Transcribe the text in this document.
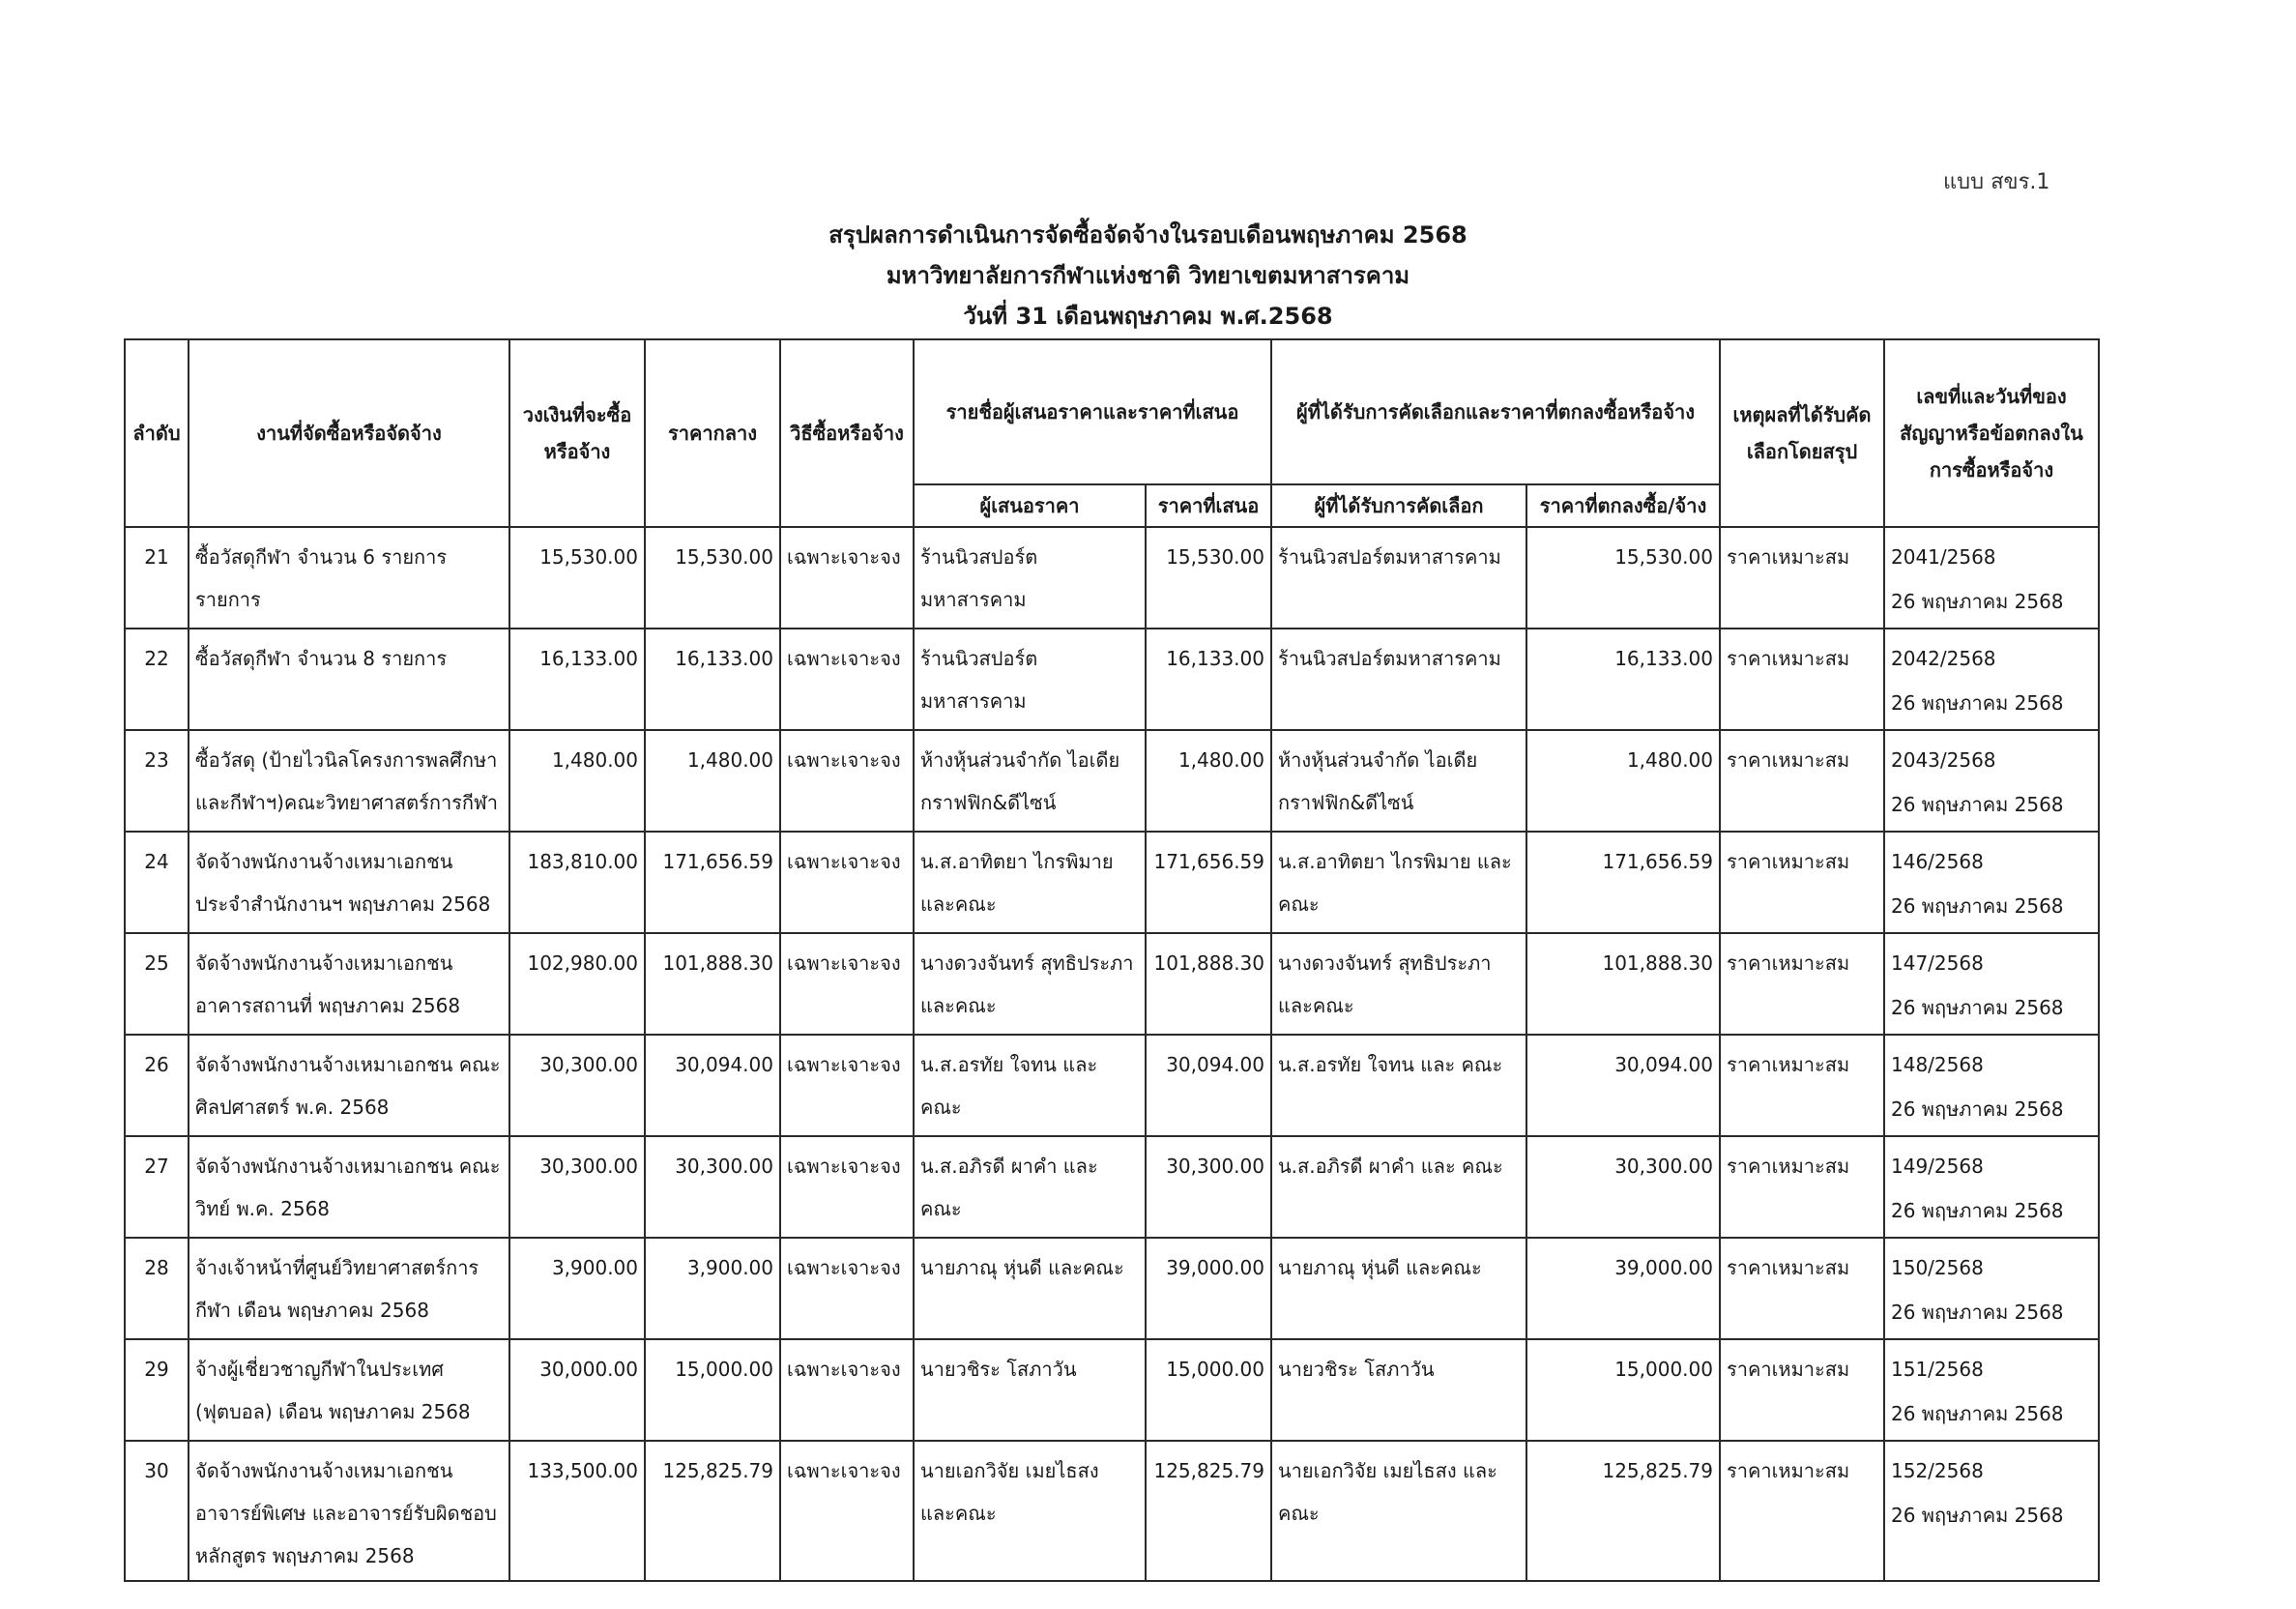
แบบ สขร.1
สรุปผลการดำเนินการจัดซื้อจัดจ้างในรอบเดือนพฤษภาคม 2568
มหาวิทยาลัยการกีฬาแห่งชาติ วิทยาเขตมหาสารคาม
วันที่ 31 เดือนพฤษภาคม พ.ศ.2568
ลำดับ	งานที่จัดซื้อหรือจัดจ้าง	วงเงินที่จะซื้อหรือจ้าง	ราคากลาง	วิธีซื้อหรือจ้าง	รายชื่อผู้เสนอราคาและราคาที่เสนอ		ผู้ที่ได้รับการคัดเลือกและราคาที่ตกลงซื้อหรือจ้าง		เหตุผลที่ได้รับคัดเลือกโดยสรุป	เลขที่และวันที่ของสัญญาหรือข้อตกลงในการซื้อหรือจ้าง
					ผู้เสนอราคา	ราคาที่เสนอ	ผู้ที่ได้รับการคัดเลือก	ราคาที่ตกลงซื้อ/จ้าง		
21	ซื้อวัสดุกีฬา จำนวน 6 รายการ รายการ	15,530.00	15,530.00	เฉพาะเจาะจง	ร้านนิวสปอร์ตมหาสารคาม	15,530.00	ร้านนิวสปอร์ตมหาสารคาม	15,530.00	ราคาเหมาะสม	2041/2568
26 พฤษภาคม 2568

22	ซื้อวัสดุกีฬา จำนวน 8 รายการ	16,133.00	16,133.00	เฉพาะเจาะจง	ร้านนิวสปอร์ตมหาสารคาม	16,133.00	ร้านนิวสปอร์ตมหาสารคาม	16,133.00	ราคาเหมาะสม	2042/2568
26 พฤษภาคม 2568

23	ซื้อวัสดุ (ป้ายไวนิลโครงการพลศึกษาและกีฬาฯ)คณะวิทยาศาสตร์การกีฬา	1,480.00	1,480.00	เฉพาะเจาะจง	ห้างหุ้นส่วนจำกัด ไอเดีย กราฟฟิก&ดีไซน์	1,480.00	ห้างหุ้นส่วนจำกัด ไอเดีย กราฟฟิก&ดีไซน์	1,480.00	ราคาเหมาะสม	2043/2568
26 พฤษภาคม 2568

24	จัดจ้างพนักงานจ้างเหมาเอกชน ประจำสำนักงานฯ พฤษภาคม 2568	183,810.00	171,656.59	เฉพาะเจาะจง	น.ส.อาทิตยา ไกรพิมาย และคณะ	171,656.59	น.ส.อาทิตยา ไกรพิมาย และคณะ	171,656.59	ราคาเหมาะสม	146/2568
26 พฤษภาคม 2568

25	จัดจ้างพนักงานจ้างเหมาเอกชน อาคารสถานที่ พฤษภาคม 2568	102,980.00	101,888.30	เฉพาะเจาะจง	นางดวงจันทร์ สุทธิประภา และคณะ	101,888.30	นางดวงจันทร์ สุทธิประภา และคณะ	101,888.30	ราคาเหมาะสม	147/2568
26 พฤษภาคม 2568

26	จัดจ้างพนักงานจ้างเหมาเอกชน คณะศิลปศาสตร์ พ.ค. 2568	30,300.00	30,094.00	เฉพาะเจาะจง	น.ส.อรทัย ใจทน และ คณะ	30,094.00	น.ส.อรทัย ใจทน และ คณะ	30,094.00	ราคาเหมาะสม	148/2568
26 พฤษภาคม 2568

27	จัดจ้างพนักงานจ้างเหมาเอกชน คณะวิทย์ พ.ค. 2568	30,300.00	30,300.00	เฉพาะเจาะจง	น.ส.อภิรดี ผาคำ และ คณะ	30,300.00	น.ส.อภิรดี ผาคำ และ คณะ	30,300.00	ราคาเหมาะสม	149/2568
26 พฤษภาคม 2568

28	จ้างเจ้าหน้าที่ศูนย์วิทยาศาสตร์การกีฬา เดือน พฤษภาคม 2568	3,900.00	3,900.00	เฉพาะเจาะจง	นายภาณุ หุ่นดี และคณะ	39,000.00	นายภาณุ หุ่นดี และคณะ	39,000.00	ราคาเหมาะสม	150/2568
26 พฤษภาคม 2568

29	จ้างผู้เชี่ยวชาญกีฬาในประเทศ (ฟุตบอล) เดือน พฤษภาคม 2568	30,000.00	15,000.00	เฉพาะเจาะจง	นายวชิระ โสภาวัน	15,000.00	นายวชิระ โสภาวัน	15,000.00	ราคาเหมาะสม	151/2568
26 พฤษภาคม 2568

30	จัดจ้างพนักงานจ้างเหมาเอกชน อาจารย์พิเศษ และอาจารย์รับผิดชอบ หลักสูตร พฤษภาคม 2568	133,500.00	125,825.79	เฉพาะเจาะจง	นายเอกวิจัย เมยไธสง และคณะ	125,825.79	นายเอกวิจัย เมยไธสง และคณะ	125,825.79	ราคาเหมาะสม	152/2568
26 พฤษภาคม 2568
